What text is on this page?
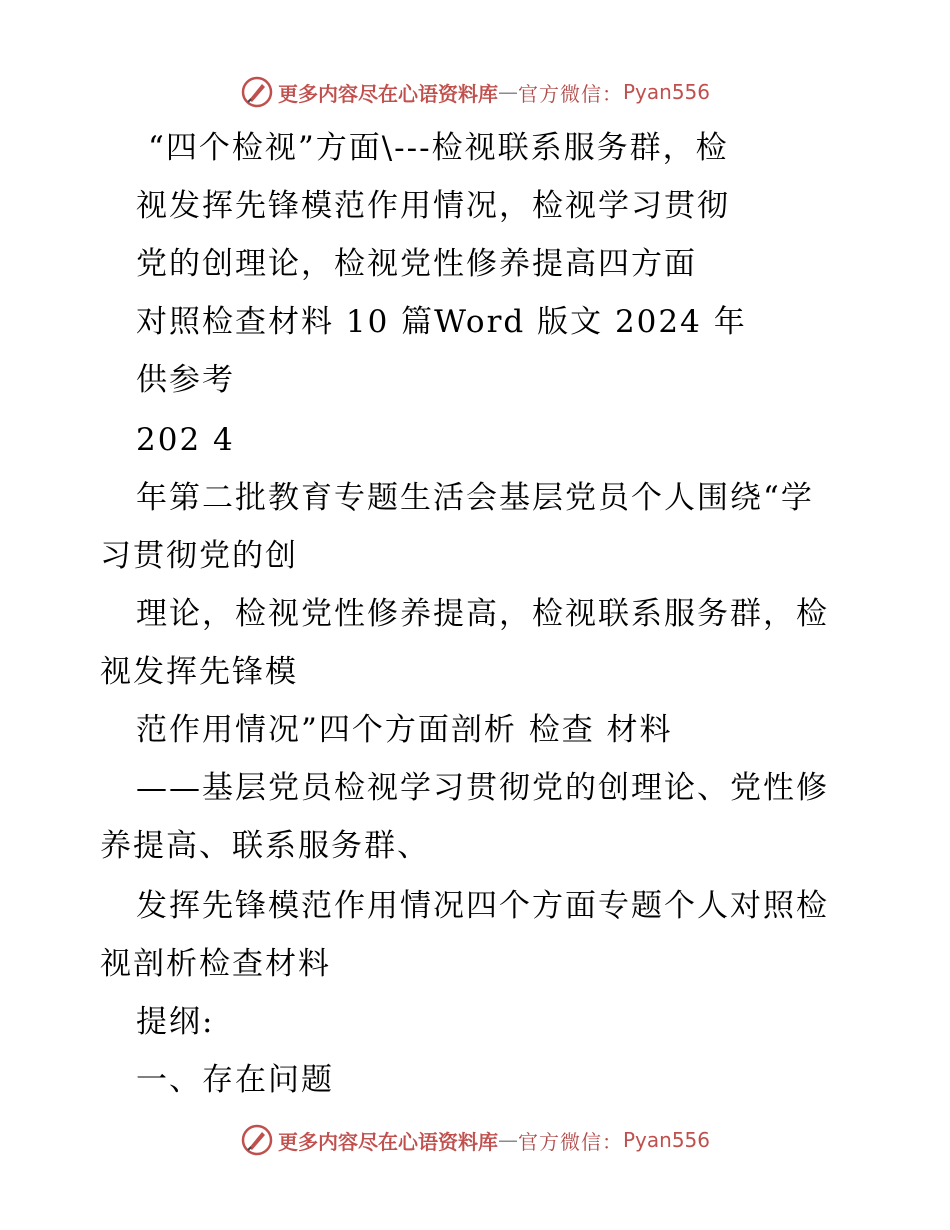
更多内容尽在心语资料库 — 官方微信： Pyan556
“四个检视”方面\---检视联系服务群，检
视发挥先锋模范作用情况，检视学习贯彻
党的创理论，检视党性修养提高四方面
对照检查材料 10 篇Word 版文 2024 年
供参考
202 4
年第二批教育专题生活会基层党员个人围绕“学
习贯彻党的创
理论，检视党性修养提高，检视联系服务群，检
视发挥先锋模
范作用情况”四个方面剖析 检查 材料
——基层党员检视学习贯彻党的创理论、党性修
养提高、联系服务群、
发挥先锋模范作用情况四个方面专题个人对照检
视剖析检查材料
提纲:
一、存在问题
更多内容尽在心语资料库 — 官方微信： Pyan556
